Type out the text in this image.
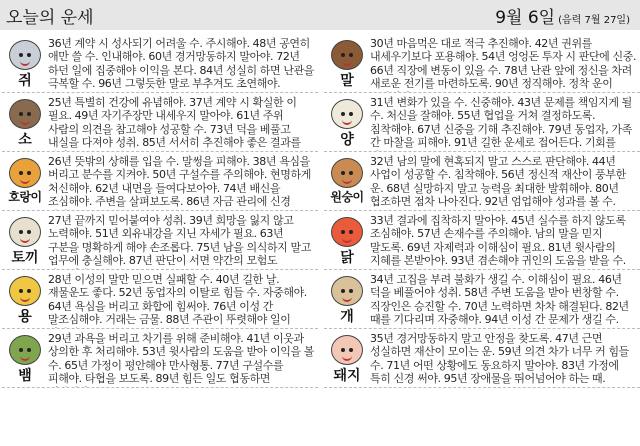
오늘의 운세	9월 6일 (음력 7월 27일)
쥐
36년 계약 시 성사되기 어려울 수. 주시해야. 48년 공연히 애만 쓸 수. 인내해야. 60년 경거망동하지 말아야. 72년 하던 일에 집중해야 이익을 본다. 84년 성실히 하면 난관을 극복할 수. 96년 그렇듯한 말로 부추겨도 초연해야.
소
25년 특별히 건강에 유념해야. 37년 계약 시 확실한 이 필요. 49년 자기주장만 내세우지 말아야. 61년 주위 사람의 의견을 참고해야 성공할 수. 73년 덕을 베풀고 내실을 다져야 성취. 85년 서서히 추진해야 좋은 결과를
호랑이
26년 뜻밖의 상해를 입을 수. 말썽을 피해야. 38년 욕심을 버리고 분수를 지켜야. 50년 구설수를 주의해야. 현명하게 처신해야. 62년 내면을 들여다보아야. 74년 배신을 조심해야. 주변을 살펴보도록. 86년 자금 관리에 신경
토끼
27년 끝까지 믿어붙여야 성취. 39년 희망을 잃지 않고 노력해야. 51년 외유내강을 지닌 자세가 필요. 63년 구분을 명확하게 해야 손조롭다. 75년 남을 의식하지 말고 업무에 충실해야. 87년 판단이 서면 약간의 모험도
용
28년 이성의 말만 믿으면 실패할 수. 40년 길한 날. 재물운도 좋다. 52년 동업자의 이탈로 힘들 수. 자중해야. 64년 욕심을 버리고 화합에 힘써야. 76년 이성 간 말조심해야. 거래는 금물. 88년 주관이 뚜렷해야 일이
뱀
29년 과욕을 버리고 차기를 위해 준비해야. 41년 이웃과 상의한 후 처리해야. 53년 윗사람의 도움을 받아 이익을 볼 수. 65년 가정이 평안해야 만사형통. 77년 구설수를 피해야. 타협을 보도록. 89년 힘든 일도 협동하면
말
30년 마음먹은 대로 적극 추진해야. 42년 권위를 내세우기보다 포용해야. 54년 엉엉돈 투자 시 판단에 신중. 66년 직장에 변동이 있을 수. 78년 난관 앞에 정신을 차려 새로운 전기를 마련하도록. 90년 정직해야. 정착 운이
양
31년 변화가 있을 수. 신중해야. 43년 문제를 책임지게 될 수. 처신을 잘해야. 55년 협업을 거쳐 결정하도록. 침착해야. 67년 신중을 기해 추진해야. 79년 동업자, 가족 간 마찰을 피해야. 91년 길한 운세로 접어든다. 기회를
원숭이
32년 남의 말에 현혹되지 말고 스스로 판단해야. 44년 사업이 성공할 수. 침착해야. 56년 정신적 재산이 풍부한 운. 68년 실망하지 말고 능력을 최대한 발휘해야. 80년 협조하면 점차 나아진다. 92년 엄업해야 성과를 볼 수.
닭
33년 결과에 집착하지 말아야. 45년 실수를 하지 않도록 조심해야. 57년 손재수를 주의해야. 남의 말을 믿지 말도록. 69년 자제력과 이해심이 필요. 81년 윗사람의 지혜를 본받아야. 93년 겸손해야 귀인의 도움을 받을 수.
개
34년 고집을 부려 불화가 생길 수. 이해심이 필요. 46년 덕을 베풀어야 성취. 58년 주변 도움을 받아 번창할 수. 직장인은 승진할 수. 70년 노력하면 차차 해결된다. 82년 때를 기다리며 자중해야. 94년 이성 간 문제가 생길 수.
돼지
35년 경거망동하지 말고 안정을 찾도록. 47년 근면 성실하면 재산이 모이는 운. 59년 의견 차가 너무 커 힘들 수. 71년 어떤 상황에도 동요하지 말아야. 83년 가정에 특히 신경 써야. 95년 장애물을 뛰어넘어야 하는 때.
